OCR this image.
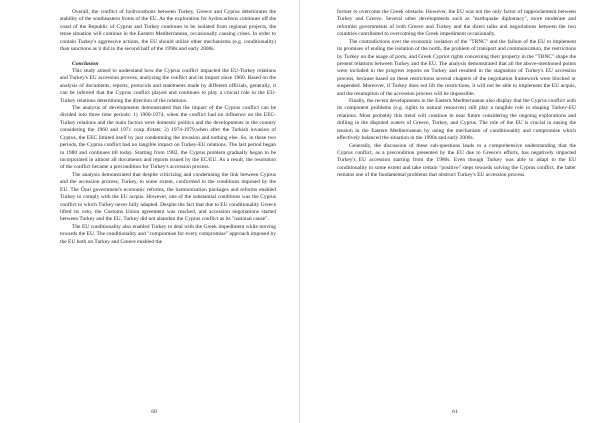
Overall, the conflict of hydrocarbons between Turkey, Greece and Cyprus deteriorates the stability of the southeastern fronts of the EU. As the exploration for hydrocarbons continues off the coast of the Republic of Cyprus and Turkey continues to be isolated from regional projects, the tense situation will continue in the Eastern Mediterranean, occasionally causing crises. In order to contain Turkey's aggressive actions, the EU should utilize other mechanisms (e.g. conditionality) than sanctions as it did in the second half of the 1990s and early 2000s.

Conclusion

This study aimed to understand how the Cyprus conflict impacted the EU-Turkey relations and Turkey's EU accession process, analyzing the conflict and its impact since 1960. Based on the analysis of documents, reports, protocols and statements made by different officials, generally, it can be inferred that the Cyprus conflict played and continues to play a crucial role in the EU-Turkey relations determining the direction of the relations.

The analysis of developments demonstrated that the impact of the Cyprus conflict can be divided into three time periods: 1) 1960-1974, when the conflict had no influence on the EEC-Turkey relations and the main factors were domestic politics and the developments in the country considering the 1960 and 1971 coup d'etats; 2) 1974-1979,when after the Turkish invasion of Cyprus, the EEC limited itself by just condemning the invasion and nothing else. So, in these two periods, the Cyprus conflict had no tangible impact on Turkey-EU relations. The last period began in 1980 and continues till today. Starting from 1982, the Cyprus problem gradually began to be incorporated in almost all documents and reports issued by the EC/EU. As a result, the resolution of the conflict became a precondition for Turkey's accession process.

The analysis demonstrated that despite criticizing and condemning the link between Cyprus and the accession process, Turkey, to some extent, conformed to the conditions imposed by the EU. The Özal government's economic reforms, the harmonization packages and reforms enabled Turkey to comply with the EU acquis. However, one of the substantial conditions was the Cyprus conflict to which Turkey never fully adapted. Despite the fact that due to EU conditionality Greece lifted its veto, the Customs Union agreement was reached, and accession negotiations started between Turkey and the EU, Turkey did not abandon the Cyprus conflict as its "national cause".

The EU conditionality also enabled Turkey to deal with the Greek impediment while moving towards the EU. The conditionality and "compromise for every compromise" approach imposed by the EU both on Turkey and Greece enabled the

former to overcome the Greek obstacle. However, the EU was not the only factor of rapprochement between Turkey and Greece. Several other developments such as "earthquake diplomacy", more moderate and reformist governments of both Greece and Turkey and the direct talks and negotiations between the two countries contributed to overcoming the Greek impediment occasionally.

The contradictions over the economic isolation of the "TRNC" and the failure of the EU to implement its promises of ending the isolation of the north, the problem of transport and communication, the restrictions by Turkey on the usage of ports, and Greek Cypriot rights concerning their property in the "TRNC" shape the present relations between Turkey and the EU. The analysis demonstrated that all the above-mentioned points were included in the progress reports on Turkey and resulted in the stagnation of Turkey's EU accession process, because based on these restrictions several chapters of the negotiation framework were blocked or suspended. Moreover, if Turkey does not lift the restrictions, it will not be able to implement the EU acquis, and the resumption of the accession process will be impossible.

Finally, the recent developments in the Eastern Mediterranean also display that the Cyprus conflict with its component problems (e.g. rights to natural resources) still play a tangible role in shaping Turkey-EU relations. Most probably this trend will continue in near future considering the ongoing explorations and drilling in the disputed waters of Greece, Turkey, and Cyprus. The role of the EU is crucial in easing the tension in the Eastern Mediterranean by using the mechanism of conditionality and compromise which effectively balanced the situation in the 1990s and early 2000s.

Generally, the discussion of these sub-questions leads to a comprehensive understanding that the Cyprus conflict, as a precondition presented by the EU due to Greece's efforts, has negatively impacted Turkey's EU accession starting from the 1980s. Even though Turkey was able to adapt to the EU conditionality to some extent and take certain "positive" steps towards solving the Cyprus conflict, the latter remains one of the fundamental problems that obstruct Turkey's EU accession process.

60	61
